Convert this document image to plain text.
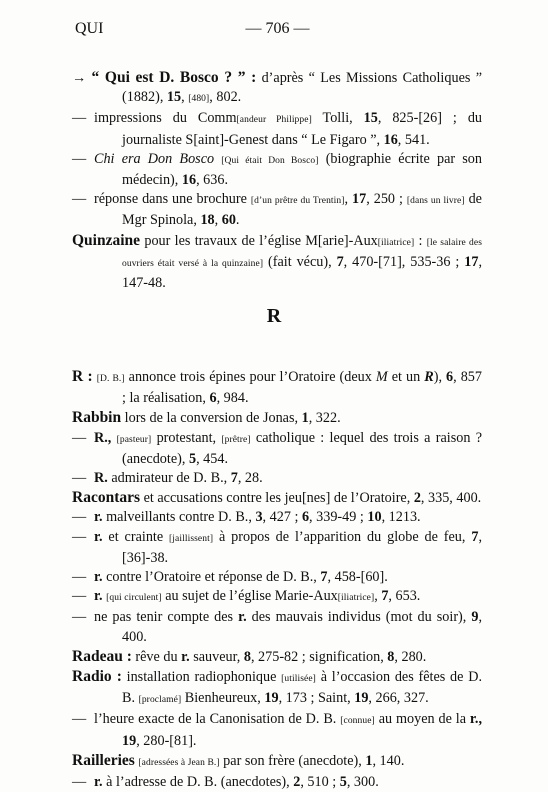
QUI	— 706 —

→ “ Qui est D. Bosco ? ” : d’après “ Les Missions Catholiques ” (1882), 15, [480], 802.

—impressions du Comm[andeur Philippe] Tolli, 15, 825-[26] ; du journaliste S[aint]-Genest dans “ Le Figaro ”, 16, 541.

—Chi era Don Bosco [Qui était Don Bosco] (biographie écrite par son médecin), 16, 636.

—réponse dans une brochure [d’un prêtre du Trentin], 17, 250 ; [dans un livre] de Mgr Spinola, 18, 60.

Quinzaine pour les travaux de l’église M[arie]-Aux[iliatrice] : [le salaire des ouvriers était versé à la quinzaine] (fait vécu), 7, 470-[71], 535-36 ; 17, 147-48.

R

R : [D. B.] annonce trois épines pour l’Oratoire (deux M et un R), 6, 857 ; la réalisation, 6, 984.

Rabbin lors de la conversion de Jonas, 1, 322.

—R., [pasteur] protestant, [prêtre] catholique : lequel des trois a raison ? (anecdote), 5, 454.

—R. admirateur de D. B., 7, 28.

Racontars et accusations contre les jeu[nes] de l’Oratoire, 2, 335, 400.

—r. malveillants contre D. B., 3, 427 ; 6, 339-49 ; 10, 1213.

—r. et crainte [jaillissent] à propos de l’apparition du globe de feu, 7, [36]-38.

—r. contre l’Oratoire et réponse de D. B., 7, 458-[60].

—r. [qui circulent] au sujet de l’église Marie-Aux[iliatrice], 7, 653.

—ne pas tenir compte des r. des mauvais individus (mot du soir), 9, 400.

Radeau : rêve du r. sauveur, 8, 275-82 ; signification, 8, 280.

Radio : installation radiophonique [utilisée] à l’occasion des fêtes de D. B. [proclamé] Bienheureux, 19, 173 ; Saint, 19, 266, 327.

—l’heure exacte de la Canonisation de D. B. [connue] au moyen de la r., 19, 280-[81].

Railleries [adressées à Jean B.] par son frère (anecdote), 1, 140.

—r. à l’adresse de D. B. (anecdotes), 2, 510 ; 5, 300.
